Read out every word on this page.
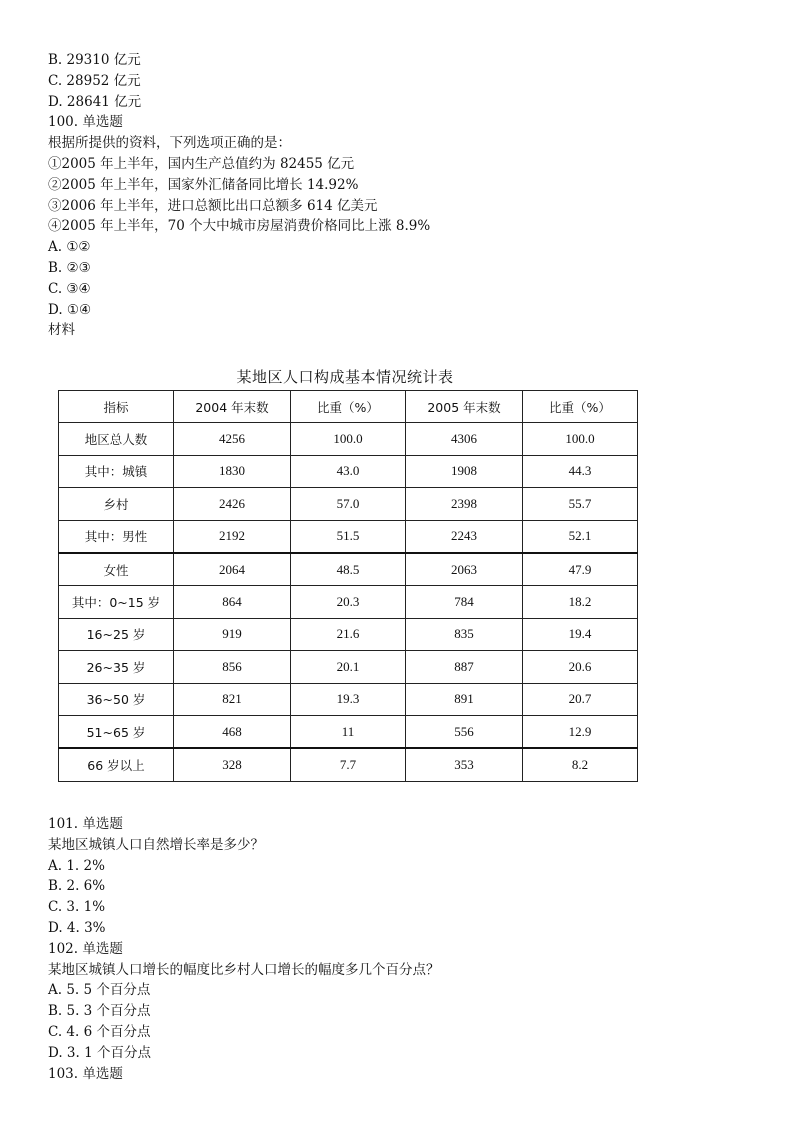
B. 29310 亿元
C. 28952 亿元
D. 28641 亿元
100. 单选题
根据所提供的资料，下列选项正确的是：
①2005 年上半年，国内生产总值约为 82455 亿元
②2005 年上半年，国家外汇储备同比增长 14.92%
③2006 年上半年，进口总额比出口总额多 614 亿美元
④2005 年上半年，70 个大中城市房屋消费价格同比上涨 8.9%
A. ①②
B. ②③
C. ③④
D. ①④
材料
某地区人口构成基本情况统计表
指标	2004 年末数	比重（%）	2005 年末数	比重（%）
地区总人数	4256	100.0	4306	100.0
其中：城镇	1830	43.0	1908	44.3
乡村	2426	57.0	2398	55.7
其中：男性	2192	51.5	2243	52.1
女性	2064	48.5	2063	47.9
其中：0~15 岁	864	20.3	784	18.2
16~25 岁	919	21.6	835	19.4
26~35 岁	856	20.1	887	20.6
36~50 岁	821	19.3	891	20.7
51~65 岁	468	11	556	12.9
66 岁以上	328	7.7	353	8.2
101. 单选题
某地区城镇人口自然增长率是多少？
A. 1. 2%
B. 2. 6%
C. 3. 1%
D. 4. 3%
102. 单选题
某地区城镇人口增长的幅度比乡村人口增长的幅度多几个百分点？
A. 5. 5 个百分点
B. 5. 3 个百分点
C. 4. 6 个百分点
D. 3. 1 个百分点
103. 单选题
